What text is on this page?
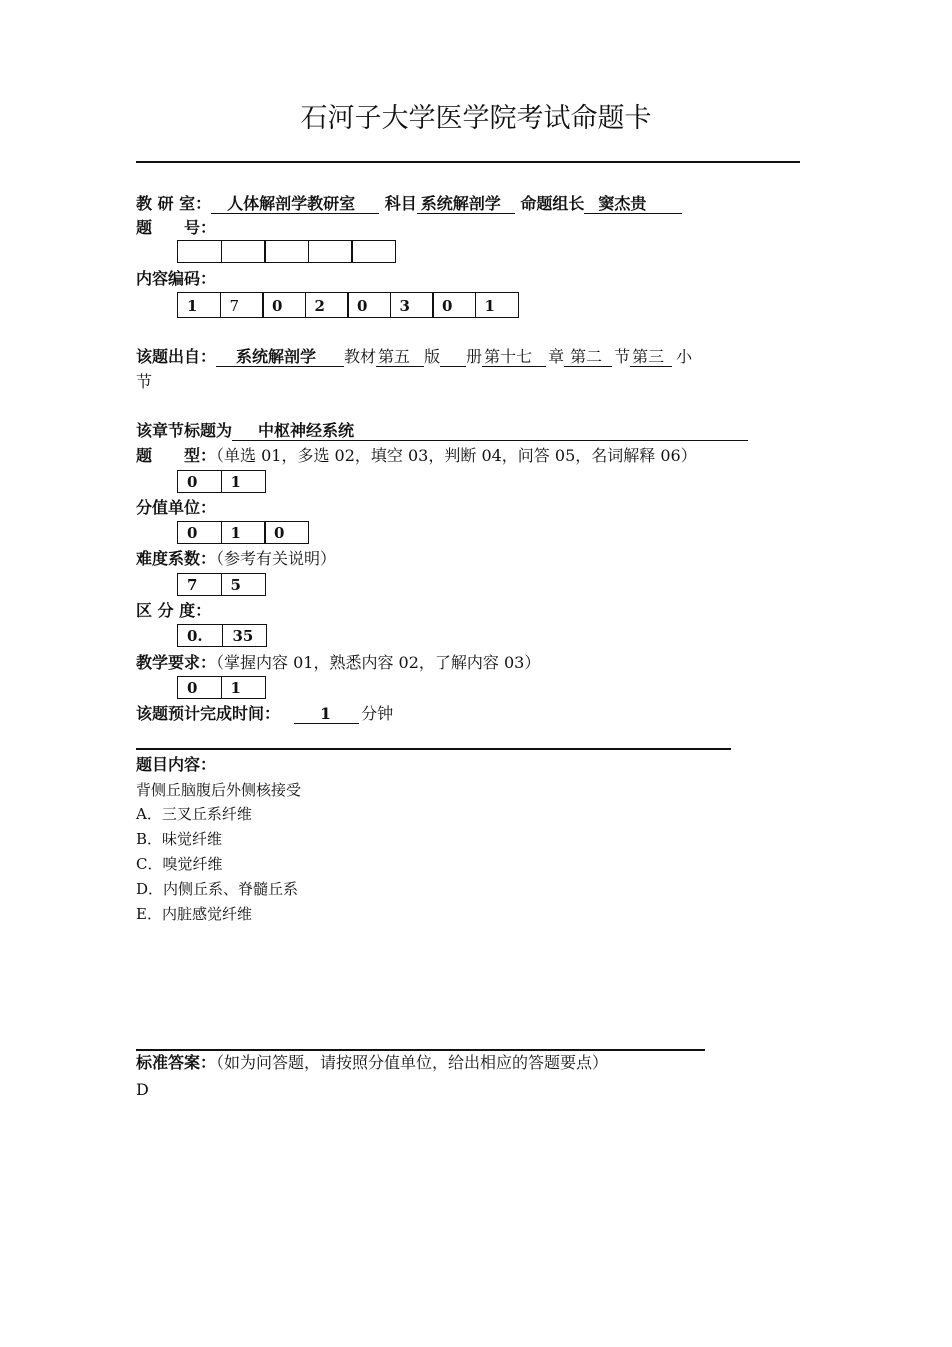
石河子大学医学院考试命题卡
教 研 室： 人体解剖学教研室 科目 系统解剖学 命题组长 窦杰贵
题　　号：
内容编码：
1	7	0	2	0	3	0	1
该题出自： 系统解剖学 教材 第五 版 册 第十七 章 第二 节 第三 小
节
该章节标题为 中枢神经系统
题　　型：（单选 01，多选 02，填空 03，判断 04，问答 05，名词解释 06）
0	1
分值单位：
0	1	0
难度系数：（参考有关说明）
7	5
区 分 度：
0.	35
教学要求：（掌握内容 01，熟悉内容 02，了解内容 03）
0	1
该题预计完成时间：	1 分钟
题目内容：
背侧丘脑腹后外侧核接受
A．三叉丘系纤维
B．味觉纤维
C．嗅觉纤维
D．内侧丘系、脊髓丘系
E．内脏感觉纤维
标准答案：（如为问答题，请按照分值单位，给出相应的答题要点）
D
